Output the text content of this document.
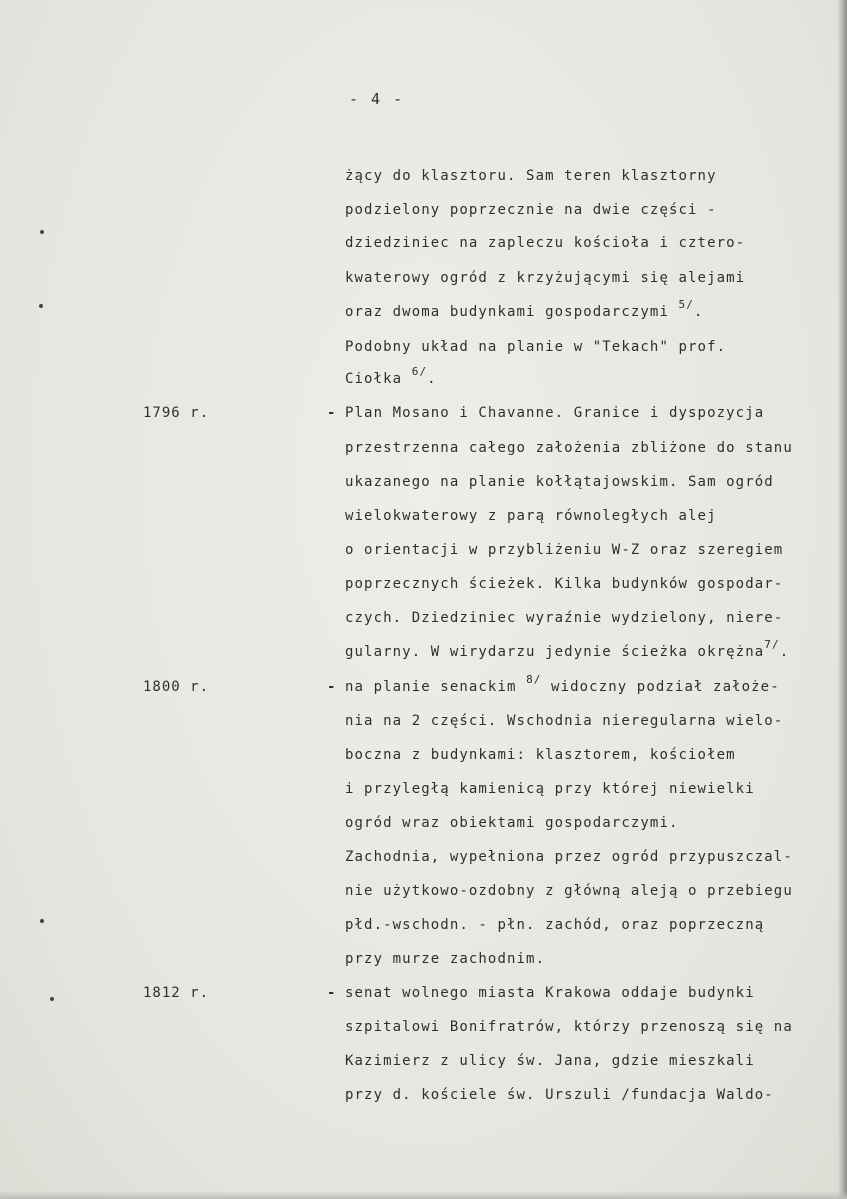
- 4 -
żący do klasztoru. Sam teren klasztorny
podzielony poprzecznie na dwie części -
dziedziniec na zapleczu kościoła i cztero-
kwaterowy ogród z krzyżującymi się alejami
oraz dwoma budynkami gospodarczymi $^{5/}$.
Podobny układ na planie w "Tekach" prof.
Ciołka $^{6/}$.
1796 r.	- Plan Mosano i Chavanne. Granice i dyspozycja
przestrzenna całego założenia zbliżone do stanu
ukazanego na planie kołłątajowskim. Sam ogród
wielokwaterowy z parą równoległych alej
o orientacji w przybliżeniu W-Z oraz szeregiem
poprzecznych ścieżek. Kilka budynków gospodar-
czych. Dziedziniec wyraźnie wydzielony, niere-
gularny. W wirydarzu jedynie ścieżka okrężna$^{7/}$.
1800 r.	- na planie senackim $^{8/}$ widoczny podział założe-
nia na 2 części. Wschodnia nieregularna wielo-
boczna z budynkami: klasztorem, kościołem
i przyległą kamienicą przy której niewielki
ogród wraz obiektami gospodarczymi.
Zachodnia, wypełniona przez ogród przypuszczal-
nie użytkowo-ozdobny z główną aleją o przebiegu
płd.-wschodn. - płn. zachód, oraz poprzeczną
przy murze zachodnim.
1812 r.	- senat wolnego miasta Krakowa oddaje budynki
szpitalowi Bonifratrów, którzy przenoszą się na
Kazimierz z ulicy św. Jana, gdzie mieszkali
przy d. kościele św. Urszuli /fundacja Waldo-
